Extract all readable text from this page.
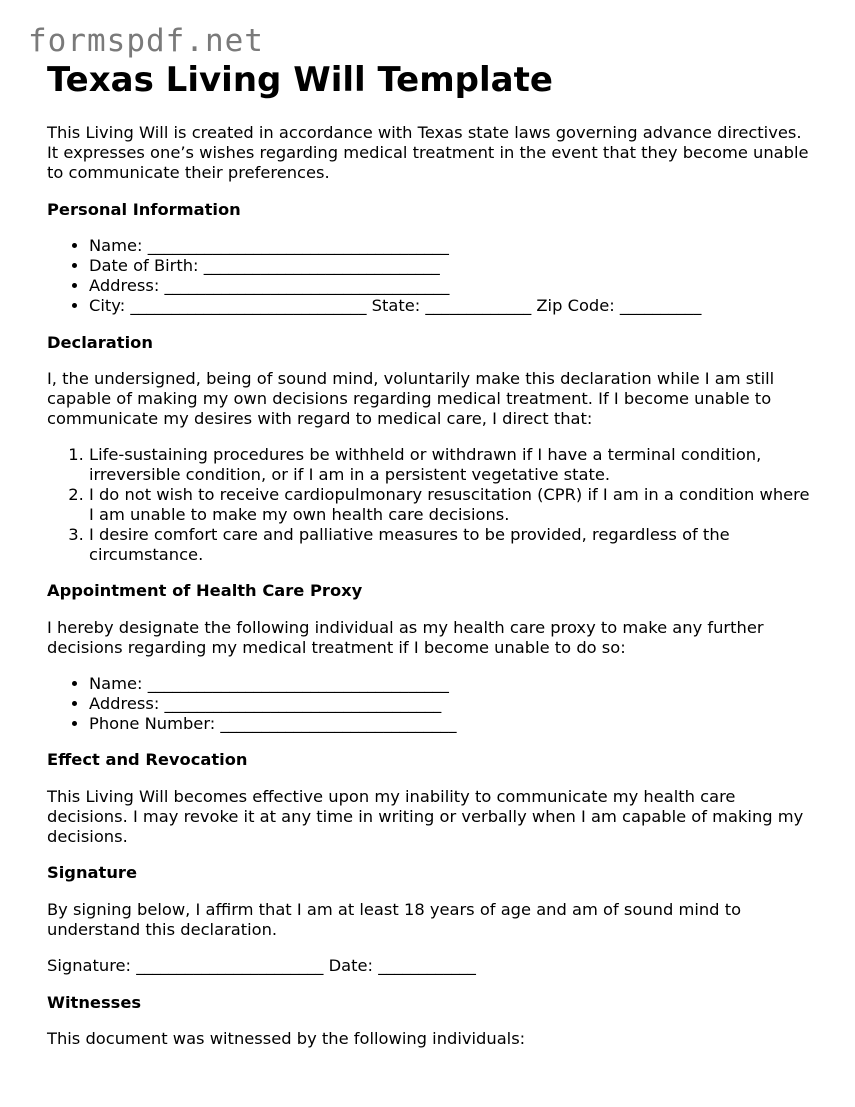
formspdf.net
Texas Living Will Template

This Living Will is created in accordance with Texas state laws governing advance directives. It expresses one’s wishes regarding medical treatment in the event that they become unable to communicate their preferences.

Personal Information
• Name: _____________________________________
• Date of Birth: _____________________________
• Address: ___________________________________
• City: _____________________________ State: _____________ Zip Code: __________
Declaration

I, the undersigned, being of sound mind, voluntarily make this declaration while I am still capable of making my own decisions regarding medical treatment. If I become unable to communicate my desires with regard to medical care, I direct that:

1. Life-sustaining procedures be withheld or withdrawn if I have a terminal condition, irreversible condition, or if I am in a persistent vegetative state.
2. I do not wish to receive cardiopulmonary resuscitation (CPR) if I am in a condition where I am unable to make my own health care decisions.
3. I desire comfort care and palliative measures to be provided, regardless of the circumstance.
Appointment of Health Care Proxy

I hereby designate the following individual as my health care proxy to make any further decisions regarding my medical treatment if I become unable to do so:

• Name: _____________________________________
• Address: __________________________________
• Phone Number: _____________________________
Effect and Revocation

This Living Will becomes effective upon my inability to communicate my health care decisions. I may revoke it at any time in writing or verbally when I am capable of making my decisions.

Signature

By signing below, I affirm that I am at least 18 years of age and am of sound mind to understand this declaration.

Signature: _______________________ Date: ____________

Witnesses

This document was witnessed by the following individuals:
